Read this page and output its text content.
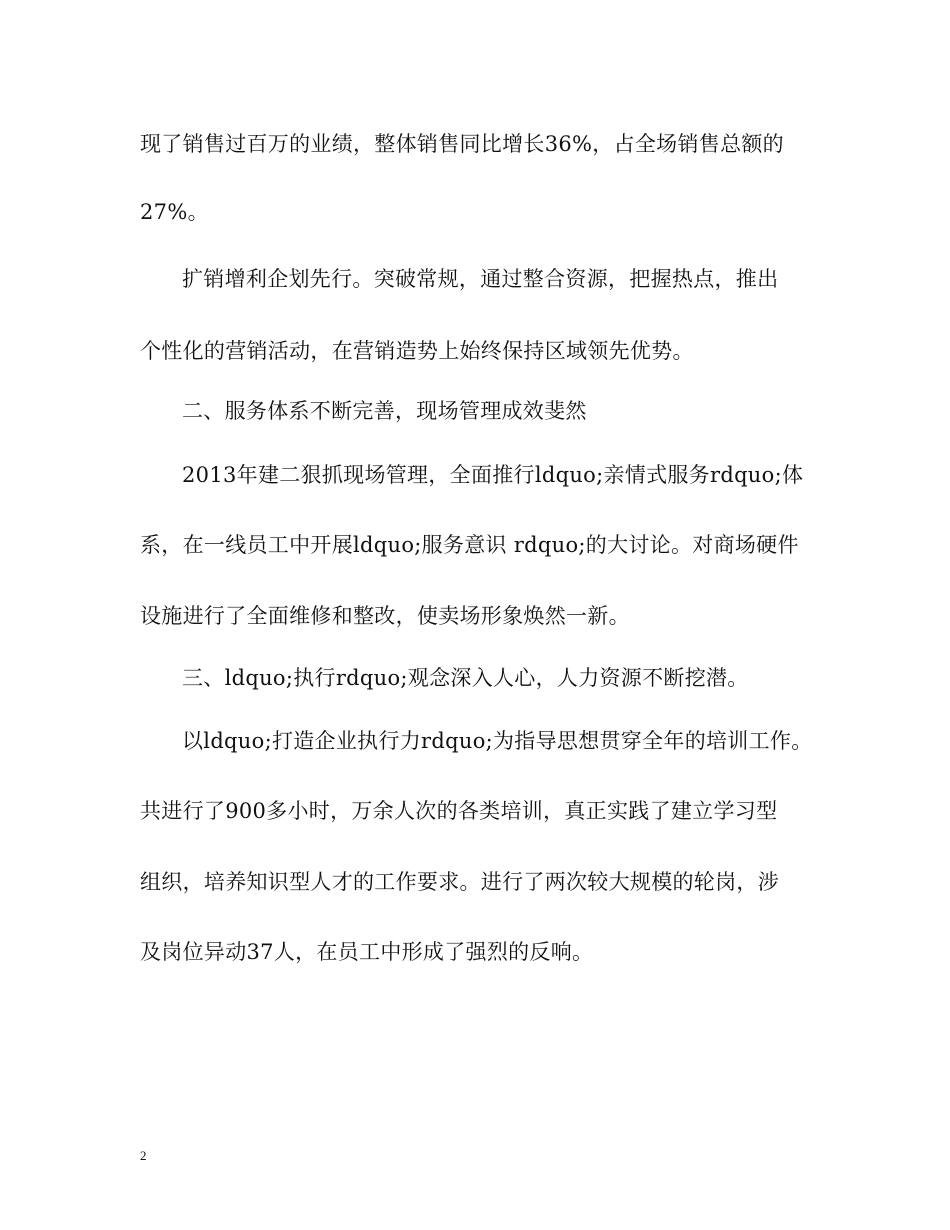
现了销售过百万的业绩，整体销售同比增长36%，占全场销售总额的
27%。
扩销增利企划先行。突破常规，通过整合资源，把握热点，推出
个性化的营销活动，在营销造势上始终保持区域领先优势。
二、服务体系不断完善，现场管理成效斐然
2013年建二狠抓现场管理，全面推行ldquo;亲情式服务rdquo;体
系，在一线员工中开展ldquo;服务意识 rdquo;的大讨论。对商场硬件
设施进行了全面维修和整改，使卖场形象焕然一新。
三、ldquo;执行rdquo;观念深入人心，人力资源不断挖潜。
以ldquo;打造企业执行力rdquo;为指导思想贯穿全年的培训工作。
共进行了900多小时，万余人次的各类培训，真正实践了建立学习型
组织，培养知识型人才的工作要求。进行了两次较大规模的轮岗，涉
及岗位异动37人，在员工中形成了强烈的反响。
2
